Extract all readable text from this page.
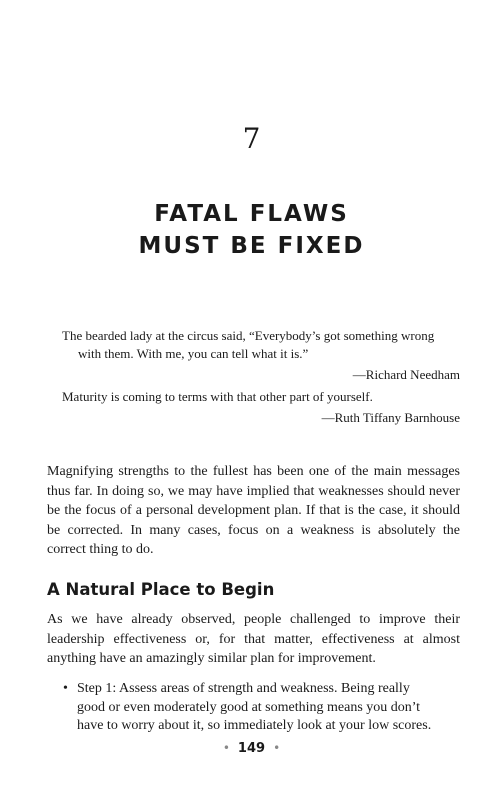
7
FATAL FLAWS
MUST BE FIXED

The bearded lady at the circus said, “Everybody’s got something wrong with them. With me, you can tell what it is.”

—Richard Needham

Maturity is coming to terms with that other part of yourself.

—Ruth Tiffany Barnhouse

Magnifying strengths to the fullest has been one of the main messages thus far. In doing so, we may have implied that weaknesses should never be the focus of a personal development plan. If that is the case, it should be corrected. In many cases, focus on a weakness is absolutely the correct thing to do.

A Natural Place to Begin

As we have already observed, people challenged to improve their leadership effectiveness or, for that matter, effectiveness at almost anything have an amazingly similar plan for improvement.

• Step 1: Assess areas of strength and weakness. Being really good or even moderately good at something means you don’t have to worry about it, so immediately look at your low scores.
• 149 •
